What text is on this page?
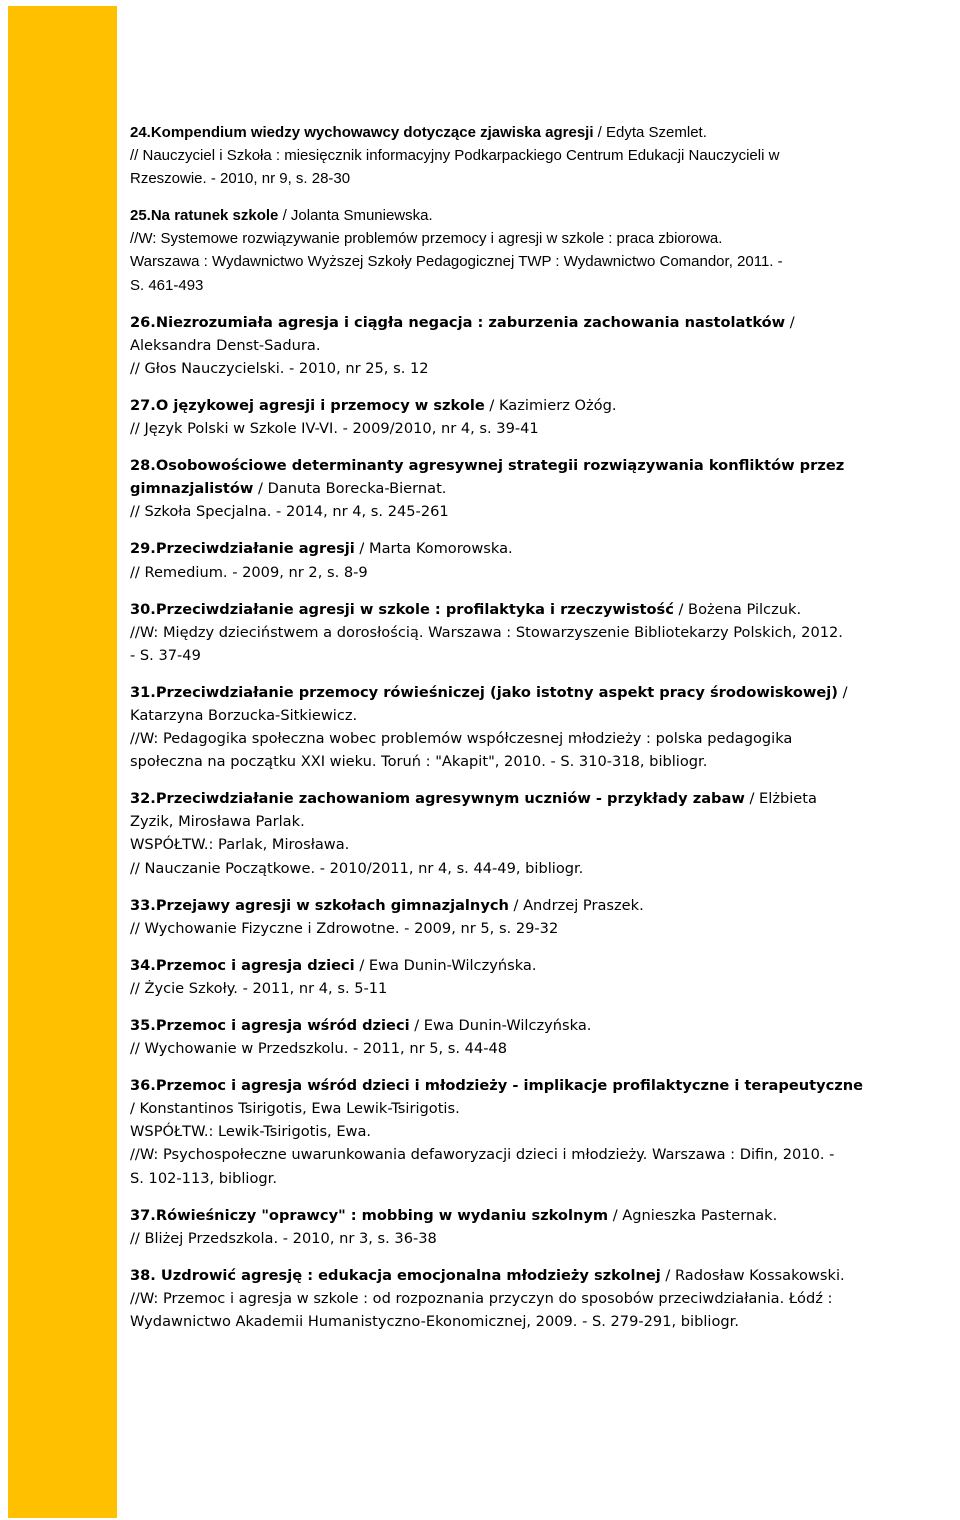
24.Kompendium wiedzy wychowawcy dotyczące zjawiska agresji / Edyta Szemlet.
// Nauczyciel i Szkoła : miesięcznik informacyjny Podkarpackiego Centrum Edukacji Nauczycieli w
Rzeszowie. - 2010, nr 9, s. 28-30
25.Na ratunek szkole / Jolanta Smuniewska.
//W: Systemowe rozwiązywanie problemów przemocy i agresji w szkole : praca zbiorowa.
Warszawa : Wydawnictwo Wyższej Szkoły Pedagogicznej TWP : Wydawnictwo Comandor, 2011. -
S. 461-493
26.Niezrozumiała agresja i ciągła negacja : zaburzenia zachowania nastolatków /
Aleksandra Denst-Sadura.
// Głos Nauczycielski. - 2010, nr 25, s. 12
27.O językowej agresji i przemocy w szkole / Kazimierz Ożóg.
// Język Polski w Szkole IV-VI. - 2009/2010, nr 4, s. 39-41
28.Osobowościowe determinanty agresywnej strategii rozwiązywania konfliktów przez
gimnazjalistów / Danuta Borecka-Biernat.
// Szkoła Specjalna. - 2014, nr 4, s. 245-261
29.Przeciwdziałanie agresji / Marta Komorowska.
// Remedium. - 2009, nr 2, s. 8-9
30.Przeciwdziałanie agresji w szkole : profilaktyka i rzeczywistość / Bożena Pilczuk.
//W: Między dzieciństwem a dorosłością. Warszawa : Stowarzyszenie Bibliotekarzy Polskich, 2012.
- S. 37-49
31.Przeciwdziałanie przemocy rówieśniczej (jako istotny aspekt pracy środowiskowej) /
Katarzyna Borzucka-Sitkiewicz.
//W: Pedagogika społeczna wobec problemów współczesnej młodzieży : polska pedagogika
społeczna na początku XXI wieku. Toruń : "Akapit", 2010. - S. 310-318, bibliogr.
32.Przeciwdziałanie zachowaniom agresywnym uczniów - przykłady zabaw / Elżbieta
Zyzik, Mirosława Parlak.
WSPÓŁTW.: Parlak, Mirosława.
// Nauczanie Początkowe. - 2010/2011, nr 4, s. 44-49, bibliogr.
33.Przejawy agresji w szkołach gimnazjalnych / Andrzej Praszek.
// Wychowanie Fizyczne i Zdrowotne. - 2009, nr 5, s. 29-32
34.Przemoc i agresja dzieci / Ewa Dunin-Wilczyńska.
// Życie Szkoły. - 2011, nr 4, s. 5-11
35.Przemoc i agresja wśród dzieci / Ewa Dunin-Wilczyńska.
// Wychowanie w Przedszkolu. - 2011, nr 5, s. 44-48
36.Przemoc i agresja wśród dzieci i młodzieży - implikacje profilaktyczne i terapeutyczne
/ Konstantinos Tsirigotis, Ewa Lewik-Tsirigotis.
WSPÓŁTW.: Lewik-Tsirigotis, Ewa.
//W: Psychospołeczne uwarunkowania defaworyzacji dzieci i młodzieży. Warszawa : Difin, 2010. -
S. 102-113, bibliogr.
37.Rówieśniczy "oprawcy" : mobbing w wydaniu szkolnym / Agnieszka Pasternak.
// Bliżej Przedszkola. - 2010, nr 3, s. 36-38
38. Uzdrowić agresję : edukacja emocjonalna młodzieży szkolnej / Radosław Kossakowski.
//W: Przemoc i agresja w szkole : od rozpoznania przyczyn do sposobów przeciwdziałania. Łódź :
Wydawnictwo Akademii Humanistyczno-Ekonomicznej, 2009. - S. 279-291, bibliogr.
